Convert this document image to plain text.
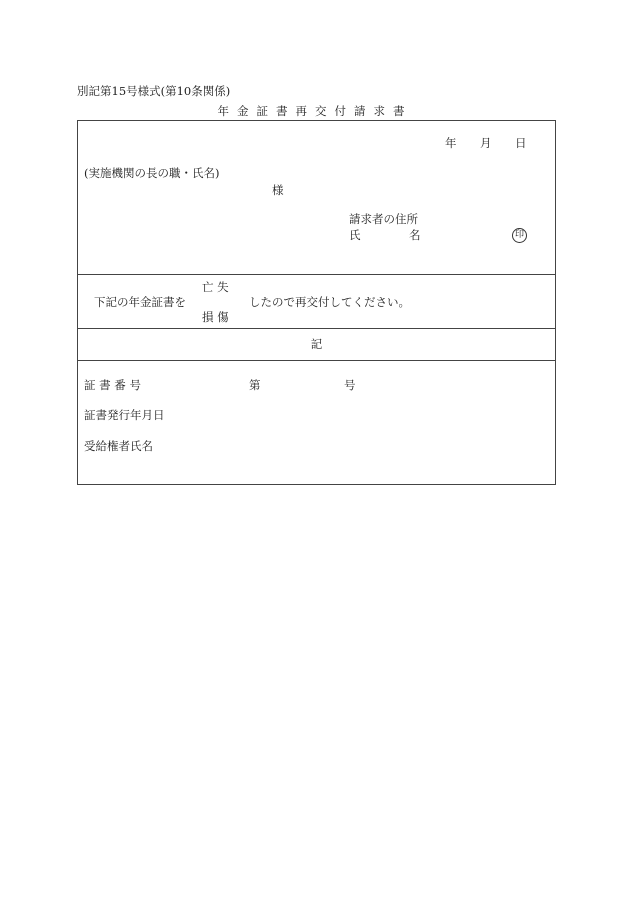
別記第15号様式(第10条関係)
年金証書再交付請求書
年 月 日
(実施機関の長の職・氏名)
様
請求者の住所
氏	名	印
亡 失
下記の年金証書を	したので再交付してください。
損 傷
記
証 書 番 号	第	号
証書発行年月日
受給権者氏名
